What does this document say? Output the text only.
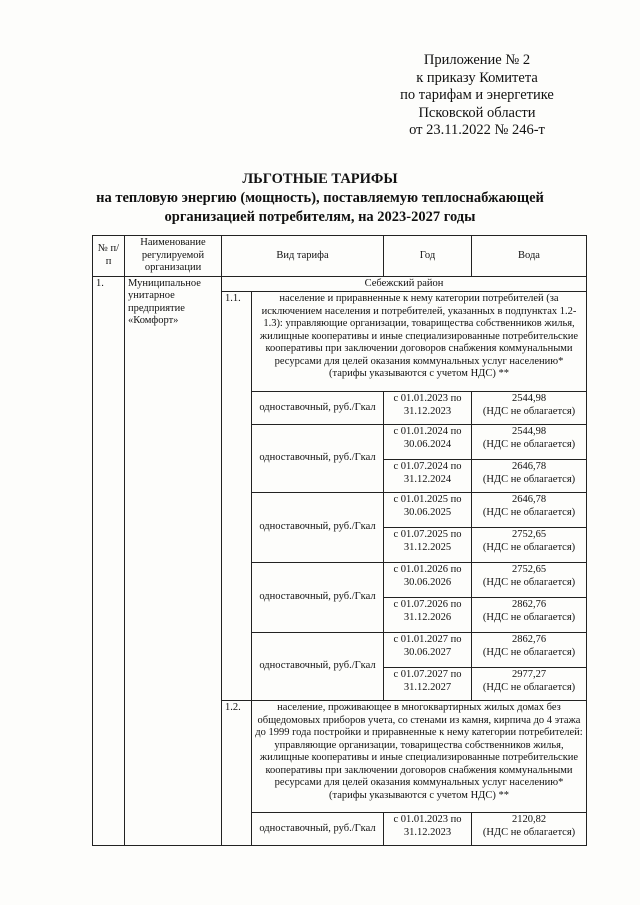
Приложение № 2
к приказу Комитета
по тарифам и энергетике
Псковской области
от 23.11.2022 № 246-т
ЛЬГОТНЫЕ ТАРИФЫ
на тепловую энергию (мощность), поставляемую теплоснабжающей
организацией потребителям, на 2023-2027 годы
№ п/п	Наименование регулируемой организации	Вид тарифа		Год	Вода
1.	Муниципальное унитарное предприятие «Комфорт»	Себежский район			
		1.1.	население и приравненные к нему категории потребителей (за исключением населения и потребителей, указанных в подпунктах 1.2-1.3): управляющие организации, товарищества собственников жилья, жилищные кооперативы и иные специализированные потребительские кооперативы при заключении договоров снабжения коммунальными ресурсами для целей оказания коммунальных услуг населению* (тарифы указываются с учетом НДС) **		
			одноставочный, руб./Гкал	с 01.01.2023 по 31.12.2023	2544,98
(НДС не облагается)

			одноставочный, руб./Гкал	с 01.01.2024 по 30.06.2024	2544,98
(НДС не облагается)

				с 01.07.2024 по 31.12.2024	2646,78
(НДС не облагается)

			одноставочный, руб./Гкал	с 01.01.2025 по 30.06.2025	2646,78
(НДС не облагается)

				с 01.07.2025 по 31.12.2025	2752,65
(НДС не облагается)

			одноставочный, руб./Гкал	с 01.01.2026 по 30.06.2026	2752,65
(НДС не облагается)

				с 01.07.2026 по 31.12.2026	2862,76
(НДС не облагается)

			одноставочный, руб./Гкал	с 01.01.2027 по 30.06.2027	2862,76
(НДС не облагается)

				с 01.07.2027 по 31.12.2027	2977,27
(НДС не облагается)

		1.2.	население, проживающее в многоквартирных жилых домах без общедомовых приборов учета, со стенами из камня, кирпича до 4 этажа до 1999 года постройки и приравненные к нему категории потребителей: управляющие организации, товарищества собственников жилья, жилищные кооперативы и иные специализированные потребительские кооперативы при заключении договоров снабжения коммунальными ресурсами для целей оказания коммунальных услуг населению* (тарифы указываются с учетом НДС) **		
			одноставочный, руб./Гкал	с 01.01.2023 по 31.12.2023	2120,82
(НДС не облагается)
